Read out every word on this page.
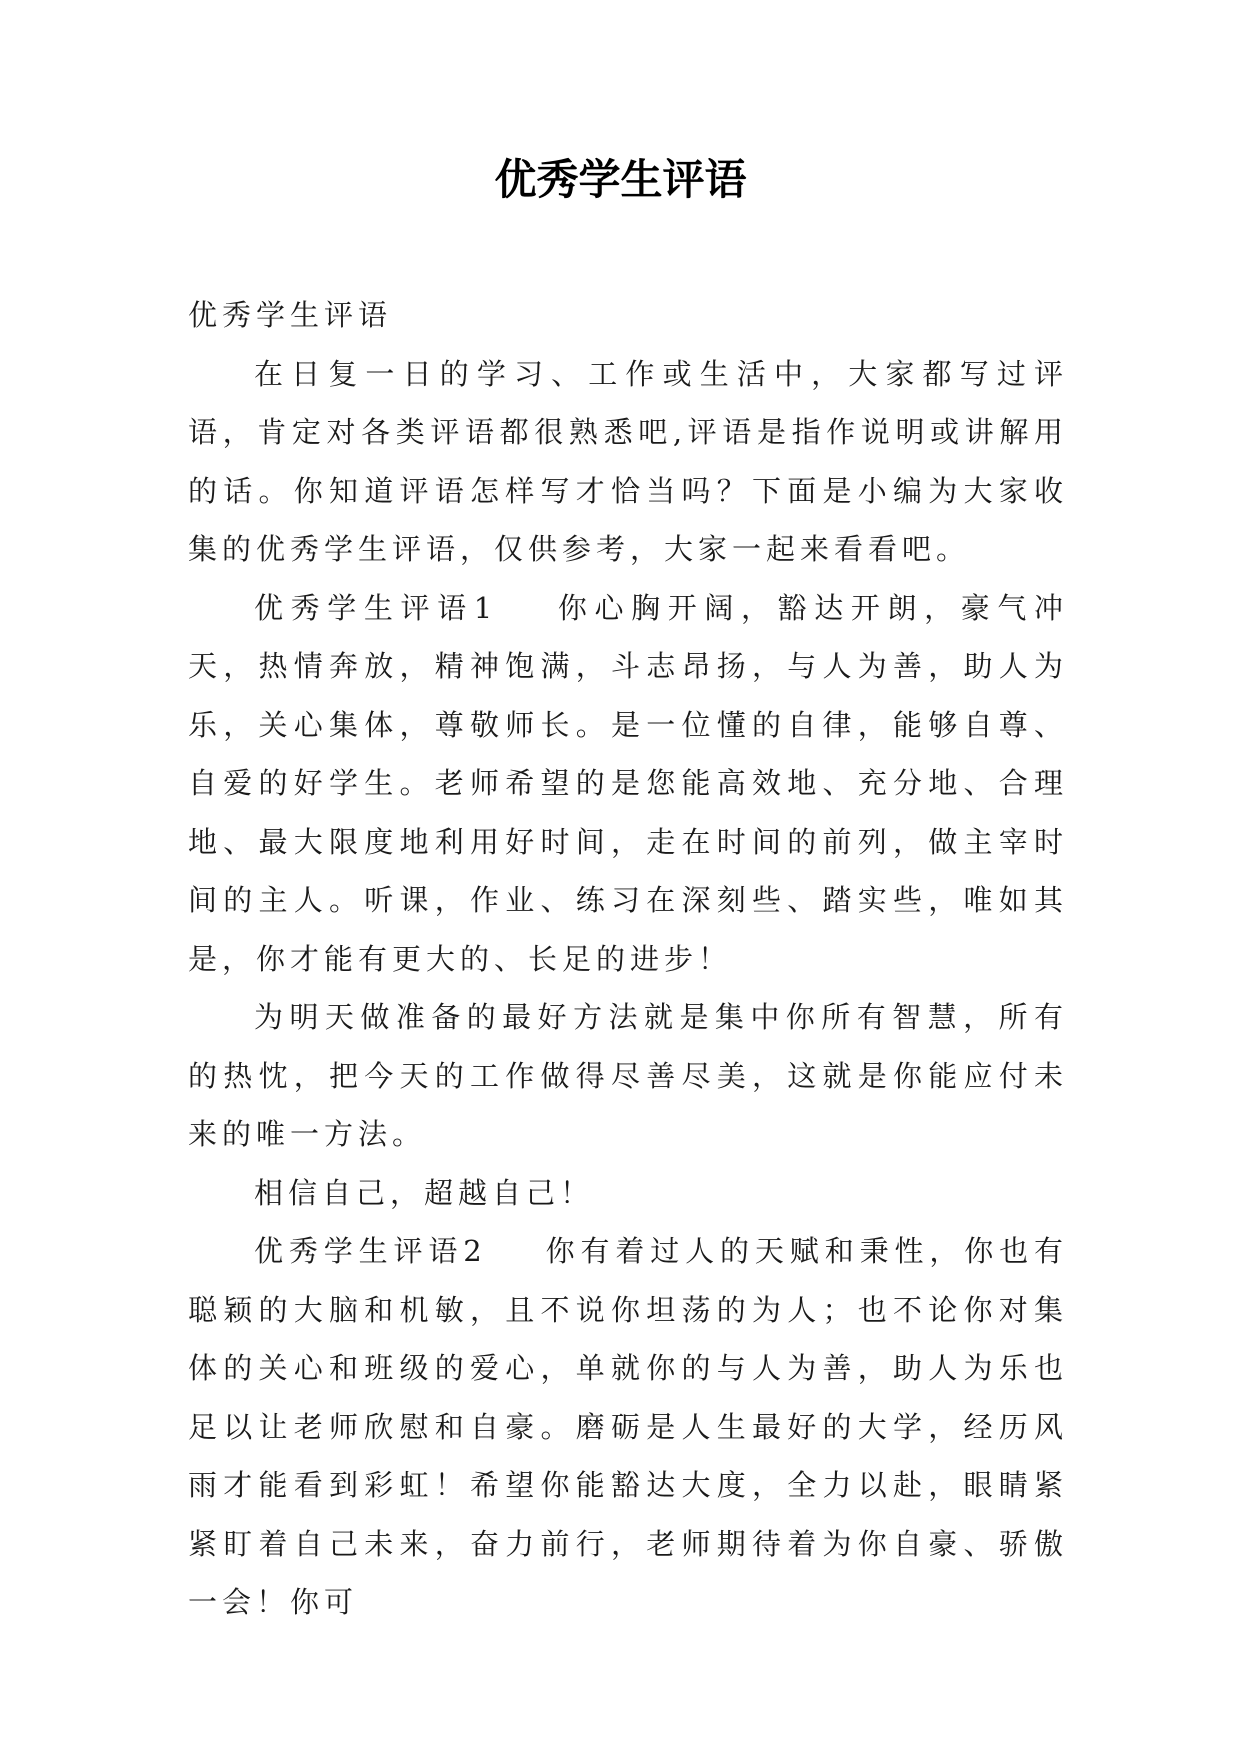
优秀学生评语

优秀学生评语

在日复一日的学习、工作或生活中，大家都写过评语，肯定对各类评语都很熟悉吧,评语是指作说明或讲解用的话。你知道评语怎样写才恰当吗？下面是小编为大家收集的优秀学生评语，仅供参考，大家一起来看看吧。

优秀学生评语1 你心胸开阔，豁达开朗，豪气冲天，热情奔放，精神饱满，斗志昂扬，与人为善，助人为乐，关心集体，尊敬师长。是一位懂的自律，能够自尊、自爱的好学生。老师希望的是您能高效地、充分地、合理地、最大限度地利用好时间，走在时间的前列，做主宰时间的主人。听课，作业、练习在深刻些、踏实些，唯如其是，你才能有更大的、长足的进步！

为明天做准备的最好方法就是集中你所有智慧，所有的热忱，把今天的工作做得尽善尽美，这就是你能应付未来的唯一方法。

相信自己，超越自己！

优秀学生评语2 你有着过人的天赋和秉性，你也有聪颖的大脑和机敏，且不说你坦荡的为人；也不论你对集体的关心和班级的爱心，单就你的与人为善，助人为乐也足以让老师欣慰和自豪。磨砺是人生最好的大学，经历风雨才能看到彩虹！希望你能豁达大度，全力以赴，眼睛紧紧盯着自己未来，奋力前行，老师期待着为你自豪、骄傲一会！你可
